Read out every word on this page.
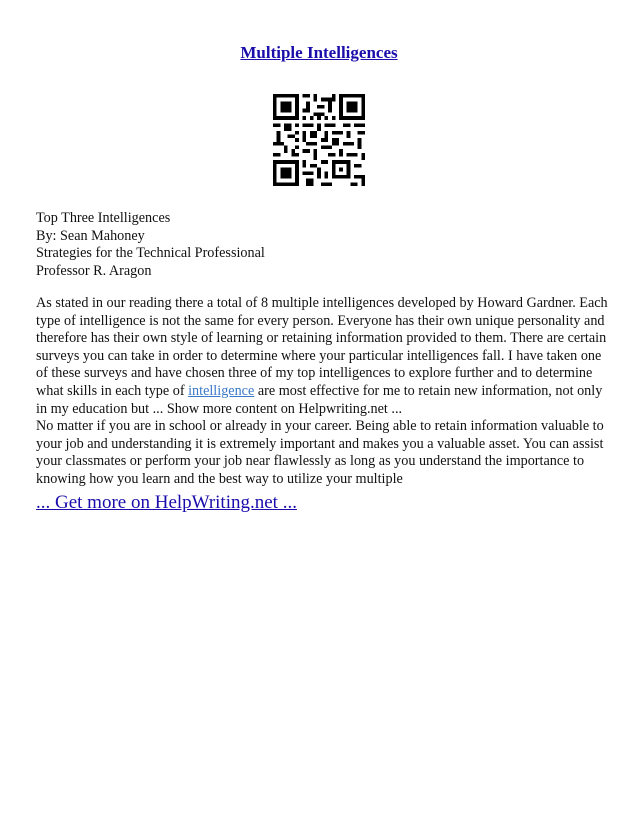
Multiple Intelligences
Top Three Intelligences
By: Sean Mahoney
Strategies for the Technical Professional
Professor R. Aragon

As stated in our reading there a total of 8 multiple intelligences developed by Howard Gardner. Each type of intelligence is not the same for every person. Everyone has their own unique personality and therefore has their own style of learning or retaining information provided to them. There are certain surveys you can take in order to determine where your particular intelligences fall. I have taken one of these surveys and have chosen three of my top intelligences to explore further and to determine what skills in each type of intelligence are most effective for me to retain new information, not only in my education but ... Show more content on Helpwriting.net ...

No matter if you are in school or already in your career. Being able to retain information valuable to your job and understanding it is extremely important and makes you a valuable asset. You can assist your classmates or perform your job near flawlessly as long as you understand the importance to knowing how you learn and the best way to utilize your multiple

... Get more on HelpWriting.net ...
